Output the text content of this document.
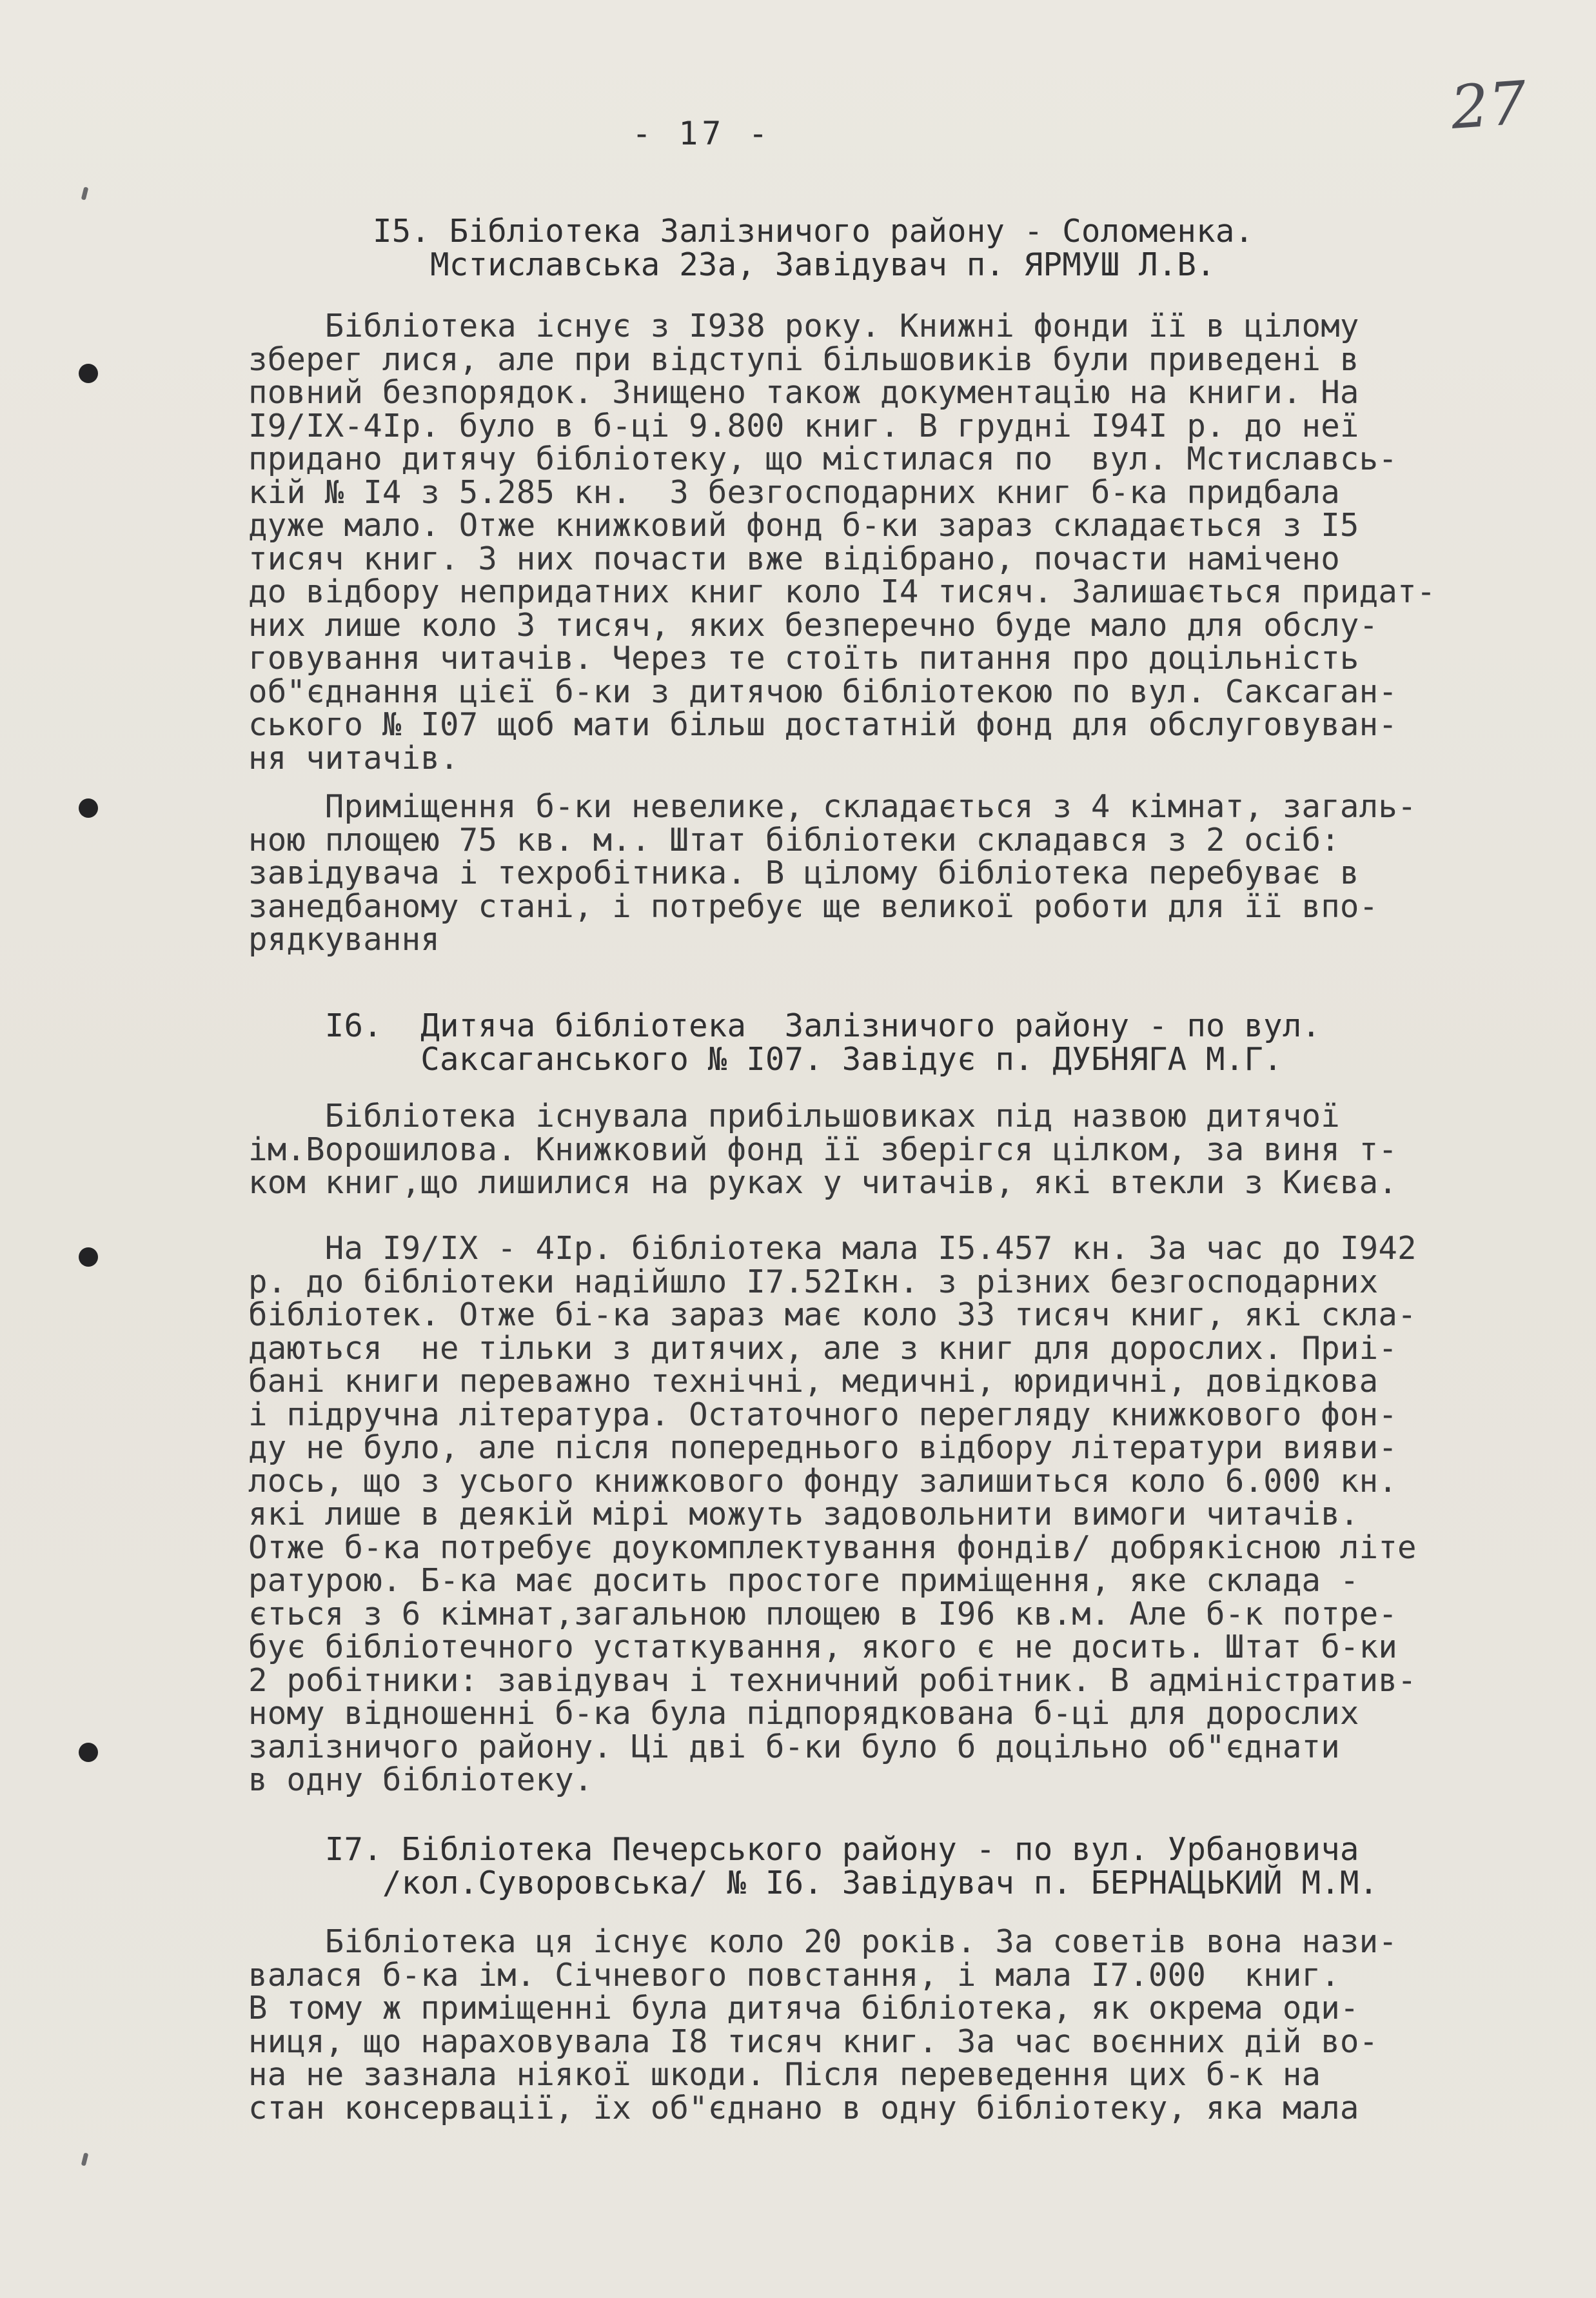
27
- 17 -
I5. Бібліотека Залізничого району - Соломенка.
Мстиславська 23а, Завідувач п. ЯРМУШ Л.В.
Бібліотека існує з I938 року. Книжні фонди її в цілому
зберег лися, але при відступі більшовиків були приведені в
повний безпорядок. Знищено також документацію на книги. На
I9/IX-4Iр. було в б-ці 9.800 книг. В грудні I94I р. до неї
придано дитячу бібліотеку, що містилася по  вул. Мстиславсь-
кій № I4 з 5.285 кн.  З безгосподарних книг б-ка придбала
дуже мало. Отже книжковий фонд б-ки зараз складається з I5
тисяч книг. З них почасти вже відібрано, почасти намічено
до відбору непридатних книг коло I4 тисяч. Залишається придат-
них лише коло 3 тисяч, яких безперечно буде мало для обслу-
говування читачів. Через те стоїть питання про доцільність
об"єднання цієї б-ки з дитячою бібліотекою по вул. Саксаган-
ського № I07 щоб мати більш достатній фонд для обслуговуван-
ня читачів.
Приміщення б-ки невелике, складається з 4 кімнат, загаль-
ною площею 75 кв. м.. Штат бібліотеки складався з 2 осіб:
завідувача і техробітника. В цілому бібліотека перебуває в
занедбаному стані, і потребує ще великої роботи для її впо-
рядкування
I6.  Дитяча бібліотека  Залізничого району - по вул.
Саксаганського № I07. Завідує п. ДУБНЯГА М.Г.
Бібліотека існувала прибільшовиках під назвою дитячої
ім.Ворошилова. Книжковий фонд її зберігся цілком, за виня т-
ком книг,що лишилися на руках у читачів, які втекли з Києва.
На I9/IX - 4Iр. бібліотека мала I5.457 кн. За час до I942
р. до бібліотеки надійшло I7.52Iкн. з різних безгосподарних
бібліотек. Отже бі-ка зараз має коло 33 тисяч книг, які скла-
даються  не тільки з дитячих, але з книг для дорослих. Приі-
бані книги переважно технічні, медичні, юридичні, довідкова
і підручна література. Остаточного перегляду книжкового фон-
ду не було, але після попереднього відбору літератури вияви-
лось, що з усього книжкового фонду залишиться коло 6.000 кн.
які лише в деякій мірі можуть задовольнити вимоги читачів.
Отже б-ка потребує доукомплектування фондів/ добрякісною літе
ратурою. Б-ка має досить простоге приміщення, яке склада -
ється з 6 кімнат,загальною площею в I96 кв.м. Але б-к потре-
бує бібліотечного устаткування, якого є не досить. Штат б-ки
2 робітники: завідувач і техничний робітник. В адміністратив-
ному відношенні б-ка була підпорядкована б-ці для дорослих
залізничого району. Ці дві б-ки було б доцільно об"єднати
в одну бібліотеку.
I7. Бібліотека Печерського району - по вул. Урбановича
/кол.Суворовська/ № I6. Завідувач п. БЕРНАЦЬКИЙ М.М.
Бібліотека ця існує коло 20 років. За советів вона нази-
валася б-ка ім. Січневого повстання, і мала I7.000  книг.
В тому ж приміщенні була дитяча бібліотека, як окрема оди-
ниця, що нараховувала I8 тисяч книг. За час воєнних дій во-
на не зазнала ніякої шкоди. Після переведення цих б-к на
стан консервації, їх об"єднано в одну бібліотеку, яка мала
